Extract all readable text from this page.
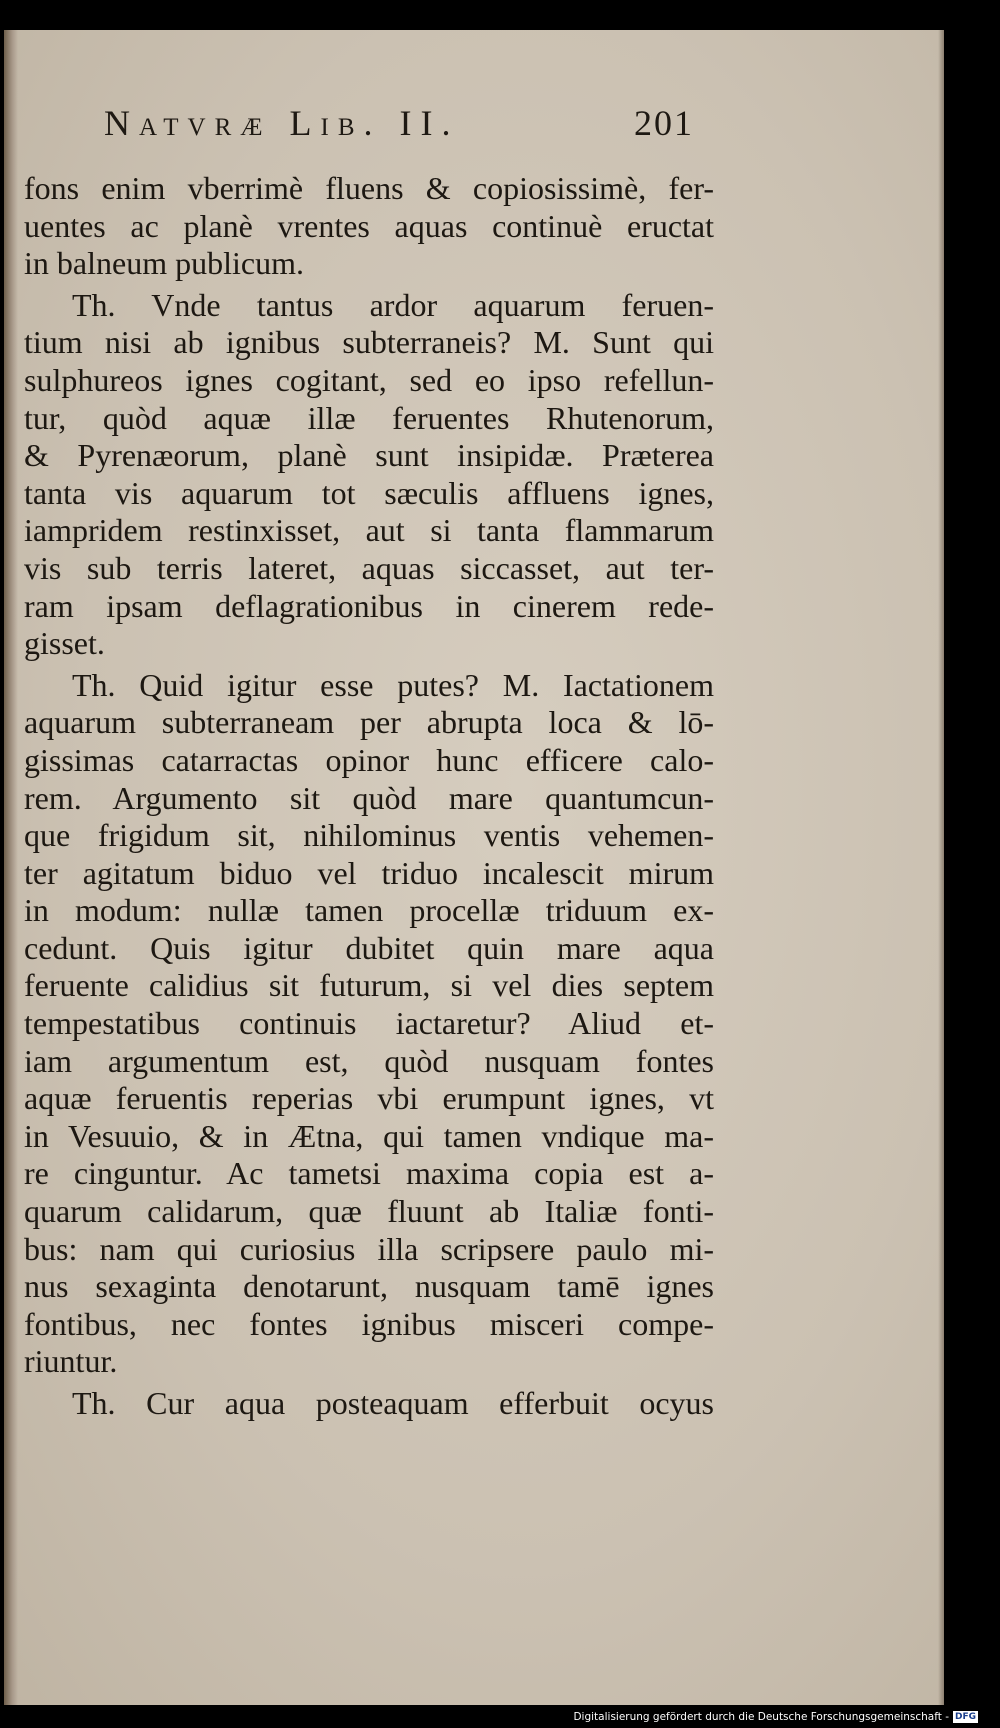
Natvræ Lib. II.	201
fons enim vberrimè fluens & copiosissimè, fer-
uentes ac planè vrentes aquas continuè eructat
in balneum publicum.
Th. Vnde tantus ardor aquarum feruen-
tium nisi ab ignibus subterraneis? M. Sunt qui
sulphureos ignes cogitant, sed eo ipso refellun-
tur, quòd aquæ illæ feruentes Rhutenorum,
& Pyrenæorum, planè sunt insipidæ. Præterea
tanta vis aquarum tot sæculis affluens ignes,
iampridem restinxisset, aut si tanta flammarum
vis sub terris lateret, aquas siccasset, aut ter-
ram ipsam deflagrationibus in cinerem rede-
gisset.
Th. Quid igitur esse putes? M. Iactationem
aquarum subterraneam per abrupta loca & lō-
gissimas catarractas opinor hunc efficere calo-
rem. Argumento sit quòd mare quantumcun-
que frigidum sit, nihilominus ventis vehemen-
ter agitatum biduo vel triduo incalescit mirum
in modum: nullæ tamen procellæ triduum ex-
cedunt. Quis igitur dubitet quin mare aqua
feruente calidius sit futurum, si vel dies septem
tempestatibus continuis iactaretur? Aliud et-
iam argumentum est, quòd nusquam fontes
aquæ feruentis reperias vbi erumpunt ignes, vt
in Vesuuio, & in Ætna, qui tamen vndique ma-
re cinguntur. Ac tametsi maxima copia est a-
quarum calidarum, quæ fluunt ab Italiæ fonti-
bus: nam qui curiosius illa scripsere paulo mi-
nus sexaginta denotarunt, nusquam tamē ignes
fontibus, nec fontes ignibus misceri compe-
riuntur.
Th. Cur aqua posteaquam efferbuit ocyus
Digitalisierung gefördert durch die Deutsche Forschungsgemeinschaft - DFG
